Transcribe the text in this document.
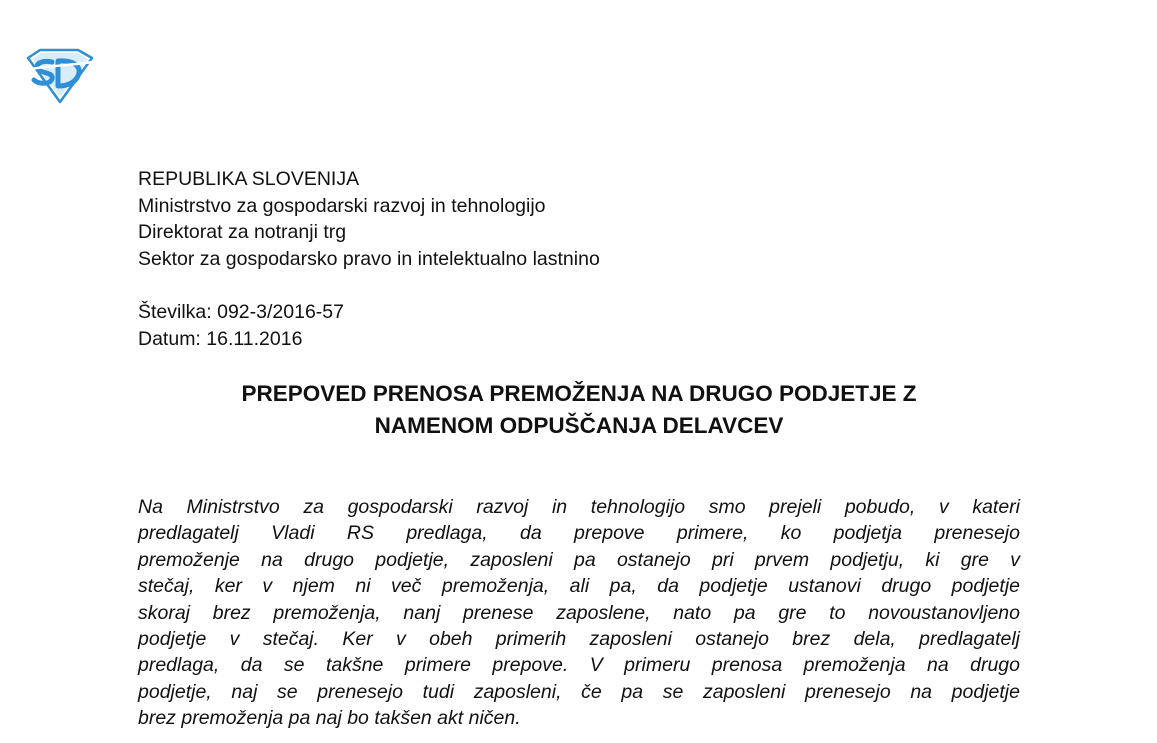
REPUBLIKA SLOVENIJA
Ministrstvo za gospodarski razvoj in tehnologijo
Direktorat za notranji trg
Sektor za gospodarsko pravo in intelektualno lastnino
Številka: 092-3/2016-57
Datum: 16.11.2016
PREPOVED PRENOSA PREMOŽENJA NA DRUGO PODJETJE Z
NAMENOM ODPUŠČANJA DELAVCEV
Na Ministrstvo za gospodarski razvoj in tehnologijo smo prejeli pobudo, v kateri
predlagatelj Vladi RS predlaga, da prepove primere, ko podjetja prenesejo
premoženje na drugo podjetje, zaposleni pa ostanejo pri prvem podjetju, ki gre v
stečaj, ker v njem ni več premoženja, ali pa, da podjetje ustanovi drugo podjetje
skoraj brez premoženja, nanj prenese zaposlene, nato pa gre to novoustanovljeno
podjetje v stečaj. Ker v obeh primerih zaposleni ostanejo brez dela, predlagatelj
predlaga, da se takšne primere prepove. V primeru prenosa premoženja na drugo
podjetje, naj se prenesejo tudi zaposleni, če pa se zaposleni prenesejo na podjetje
brez premoženja pa naj bo takšen akt ničen.
